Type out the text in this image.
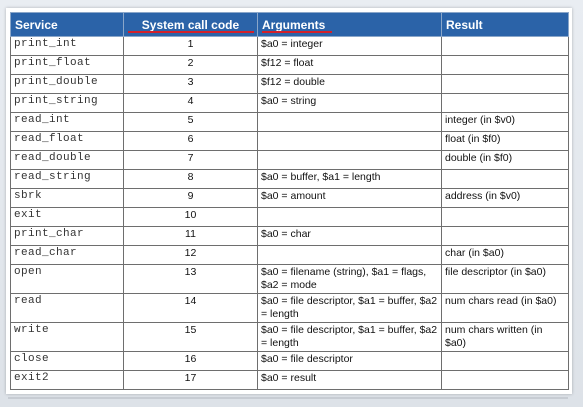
Service	System call code	Arguments	Result
print_int	1	$a0 = integer	
print_float	2	$f12 = float	
print_double	3	$f12 = double	
print_string	4	$a0 = string	
read_int	5		integer (in $v0)
read_float	6		float (in $f0)
read_double	7		double (in $f0)
read_string	8	$a0 = buffer, $a1 = length	
sbrk	9	$a0 = amount	address (in $v0)
exit	10		
print_char	11	$a0 = char	
read_char	12		char (in $a0)
open	13	$a0 = filename (string), $a1 = flags, $a2 = mode	file descriptor (in $a0)
read	14	$a0 = file descriptor, $a1 = buffer, $a2 = length	num chars read (in $a0)
write	15	$a0 = file descriptor, $a1 = buffer, $a2 = length	num chars written (in $a0)
close	16	$a0 = file descriptor	
exit2	17	$a0 = result	
